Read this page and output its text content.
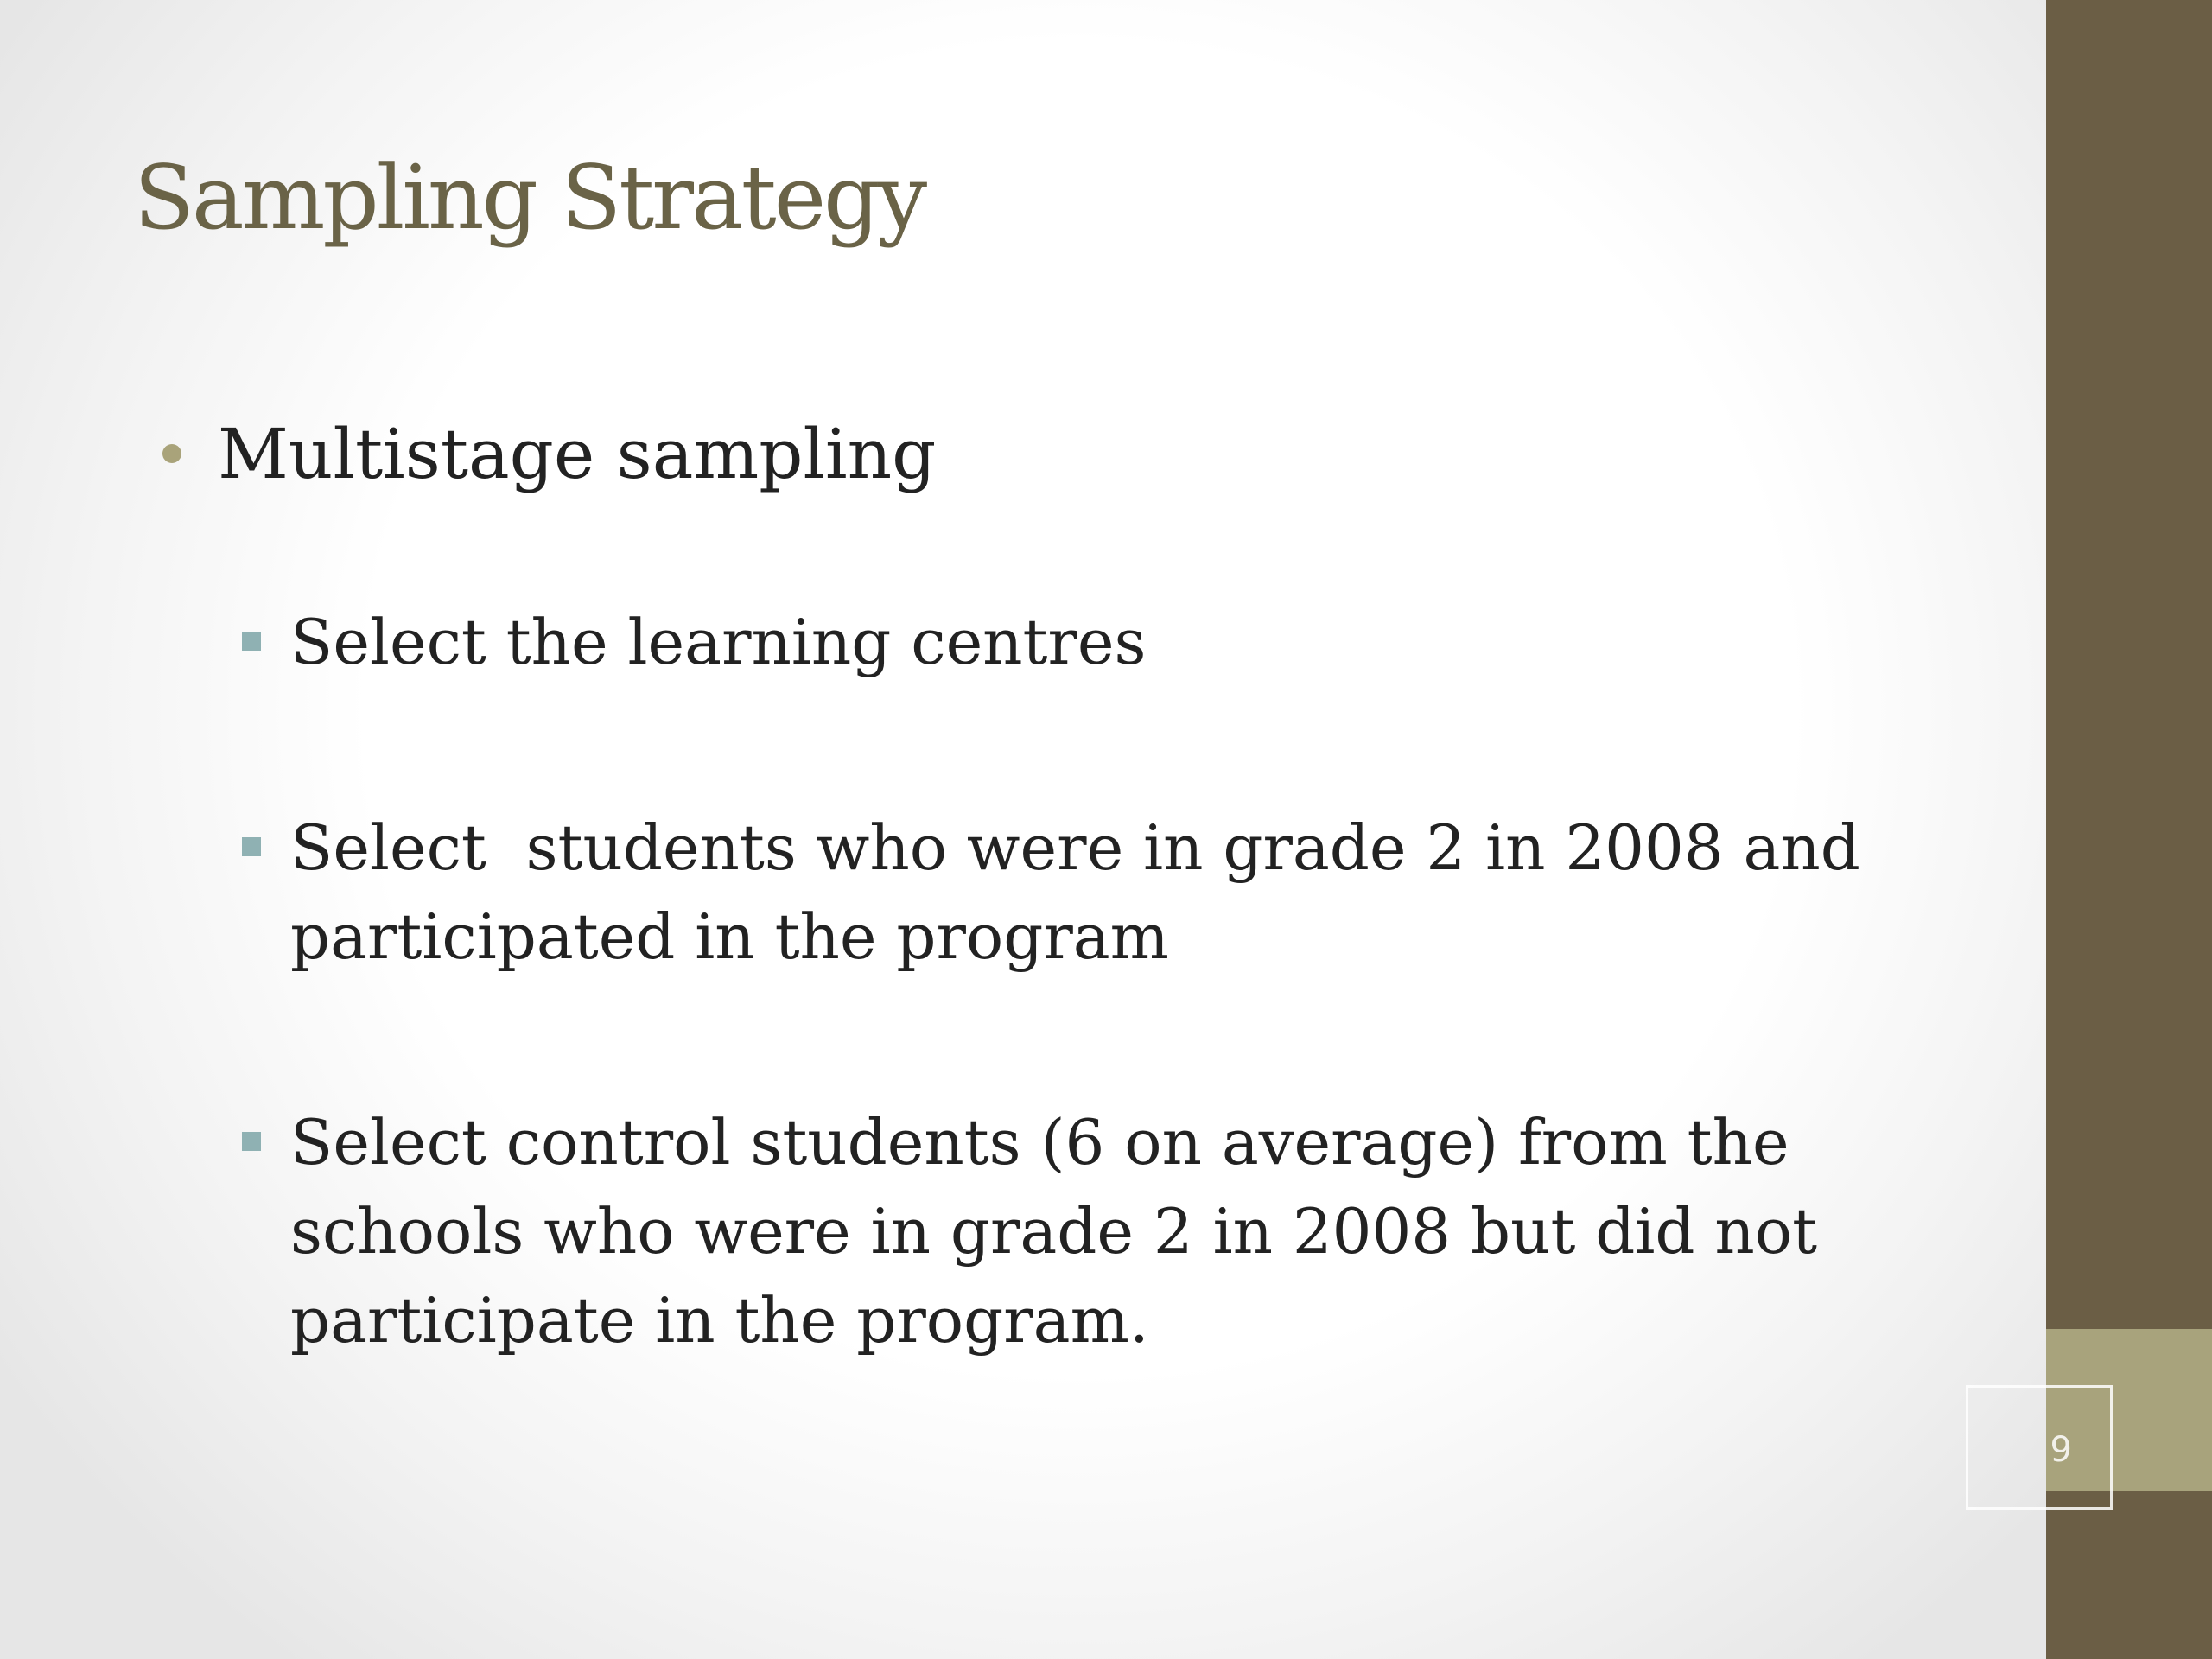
9
Sampling Strategy
Multistage sampling
Select the learning centres
Select  students who were in grade 2 in 2008 and participated in the program
Select control students (6 on average) from the schools who were in grade 2 in 2008 but did not participate in the program.
